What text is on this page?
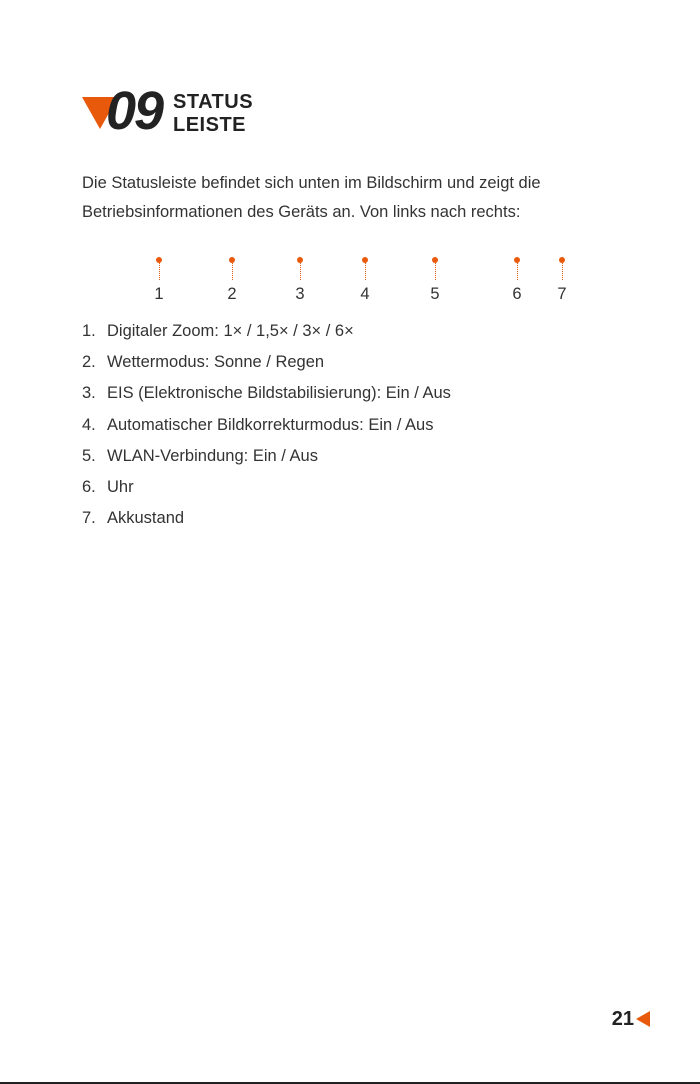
09 STATUS
LEISTE

Die Statusleiste befindet sich unten im Bildschirm und zeigt die Betriebsinformationen des Geräts an. Von links nach rechts:

1	2	3	4	5	6	7
1. Digitaler Zoom: 1× / 1,5× / 3× / 6×
2. Wettermodus: Sonne / Regen
3. EIS (Elektronische Bildstabilisierung): Ein / Aus
4. Automatischer Bildkorrekturmodus: Ein / Aus
5. WLAN-Verbindung: Ein / Aus
6. Uhr
7. Akkustand
21
